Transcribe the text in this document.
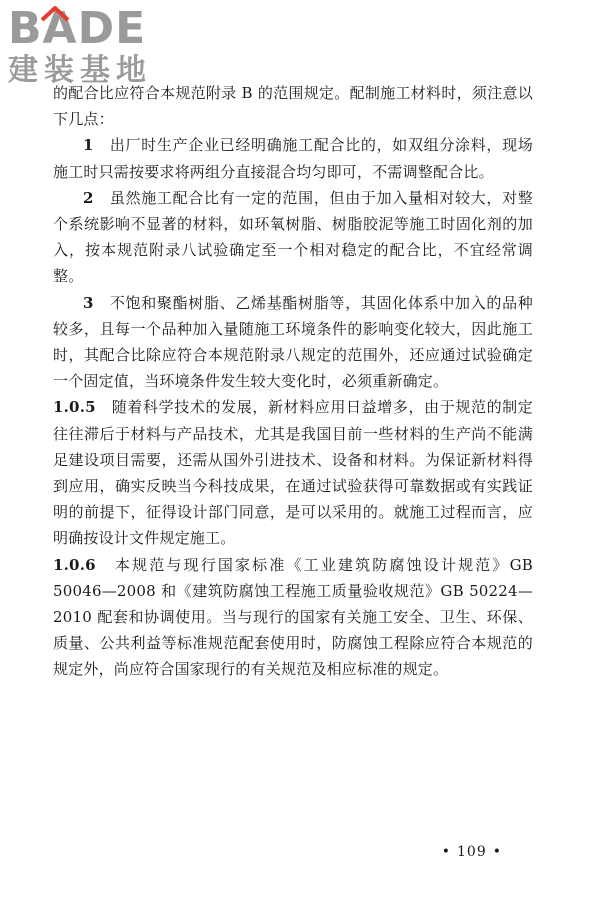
BADE
建装基地

的配合比应符合本规范附录 B 的范围规定。配制施工材料时，须注意以下几点：

1　 出厂时生产企业已经明确施工配合比的，如双组分涂料，现场施工时只需按要求将两组分直接混合均匀即可，不需调整配合比。

2　 虽然施工配合比有一定的范围，但由于加入量相对较大，对整个系统影响不显著的材料，如环氧树脂、树脂胶泥等施工时固化剂的加入，按本规范附录八试验确定至一个相对稳定的配合比，不宜经常调整。

3　 不饱和聚酯树脂、乙烯基酯树脂等，其固化体系中加入的品种较多，且每一个品种加入量随施工环境条件的影响变化较大，因此施工时，其配合比除应符合本规范附录八规定的范围外，还应通过试验确定一个固定值，当环境条件发生较大变化时，必须重新确定。

1.0.5　 随着科学技术的发展，新材料应用日益增多，由于规范的制定往往滞后于材料与产品技术，尤其是我国目前一些材料的生产尚不能满足建设项目需要，还需从国外引进技术、设备和材料。为保证新材料得到应用，确实反映当今科技成果，在通过试验获得可靠数据或有实践证明的前提下，征得设计部门同意，是可以采用的。就施工过程而言，应明确按设计文件规定施工。

1.0.6　 本规范与现行国家标准《工业建筑防腐蚀设计规范》GB 50046—2008 和《建筑防腐蚀工程施工质量验收规范》GB 50224—2010 配套和协调使用。当与现行的国家有关施工安全、卫生、环保、质量、公共利益等标准规范配套使用时，防腐蚀工程除应符合本规范的规定外，尚应符合国家现行的有关规范及相应标准的规定。

• 109 •
